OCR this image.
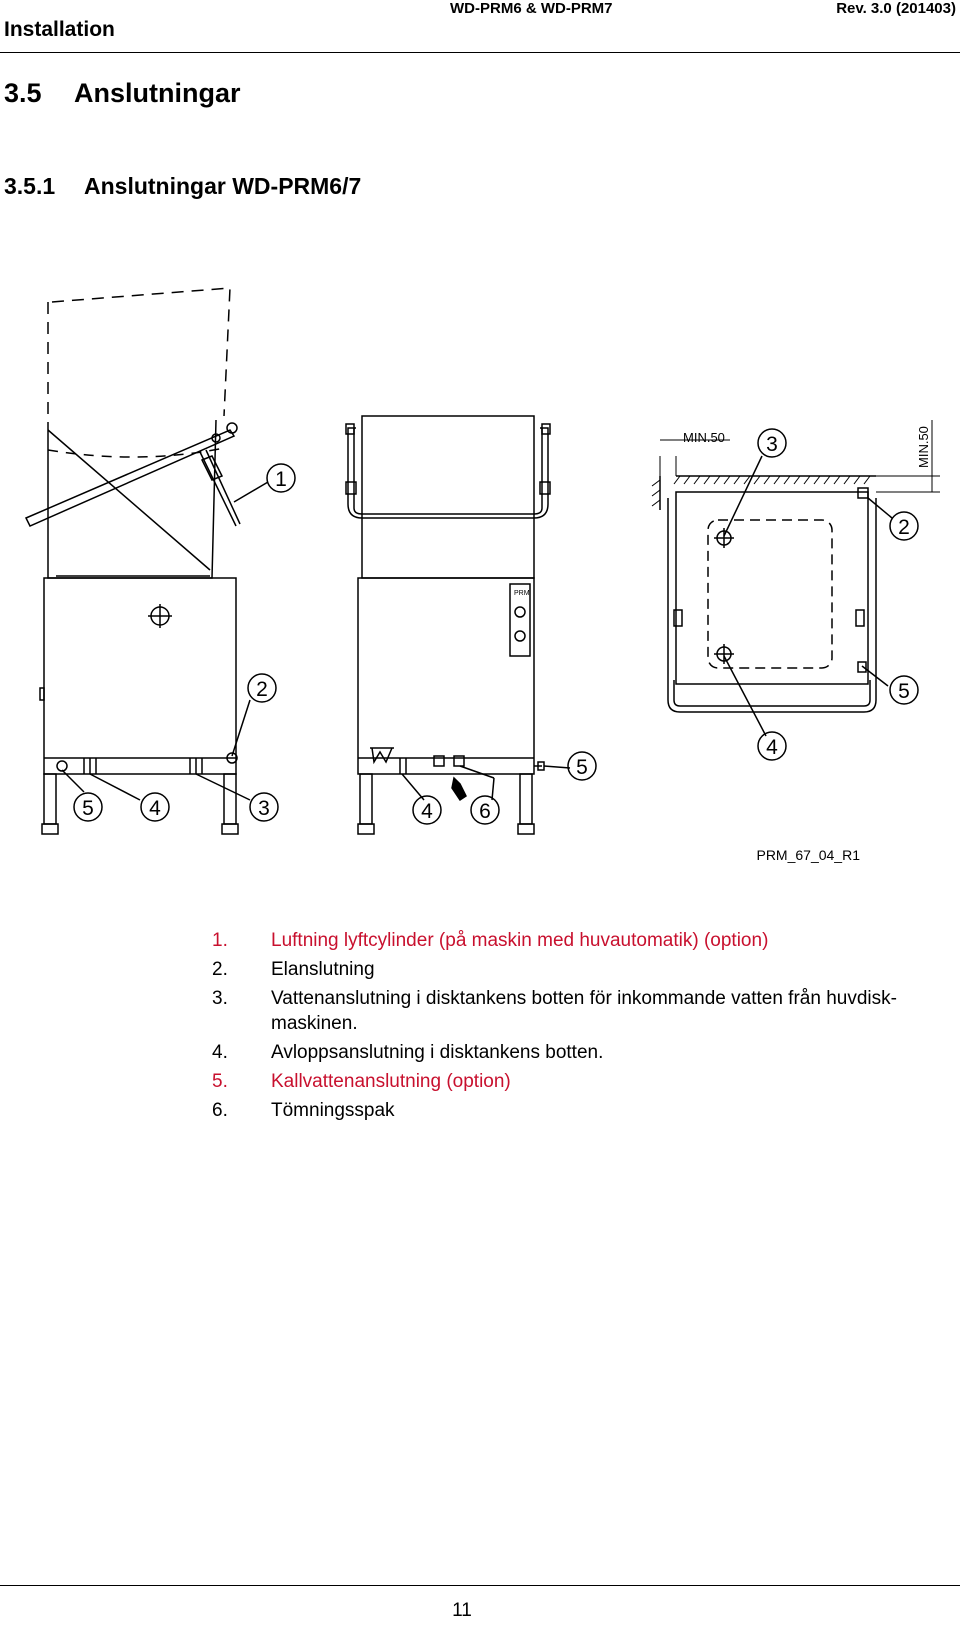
Installation
WD-PRM6 & WD-PRM7	Rev. 3.0 (201403)
3.5 Anslutningar
3.5.1 Anslutningar WD-PRM6/7
1
2
5	4	3	4 6
5
3
2
5
4
PRM
MIN.50	MIN.50
PRM_67_04_R1
1.	Luftning lyftcylinder (på maskin med huvautomatik) (option)
2.	Elanslutning
3.	Vattenanslutning i disktankens botten för inkommande vatten från huvdisk-maskinen.
4.	Avloppsanslutning i disktankens botten.
5.	Kallvattenanslutning (option)
6.	Tömningsspak
11
